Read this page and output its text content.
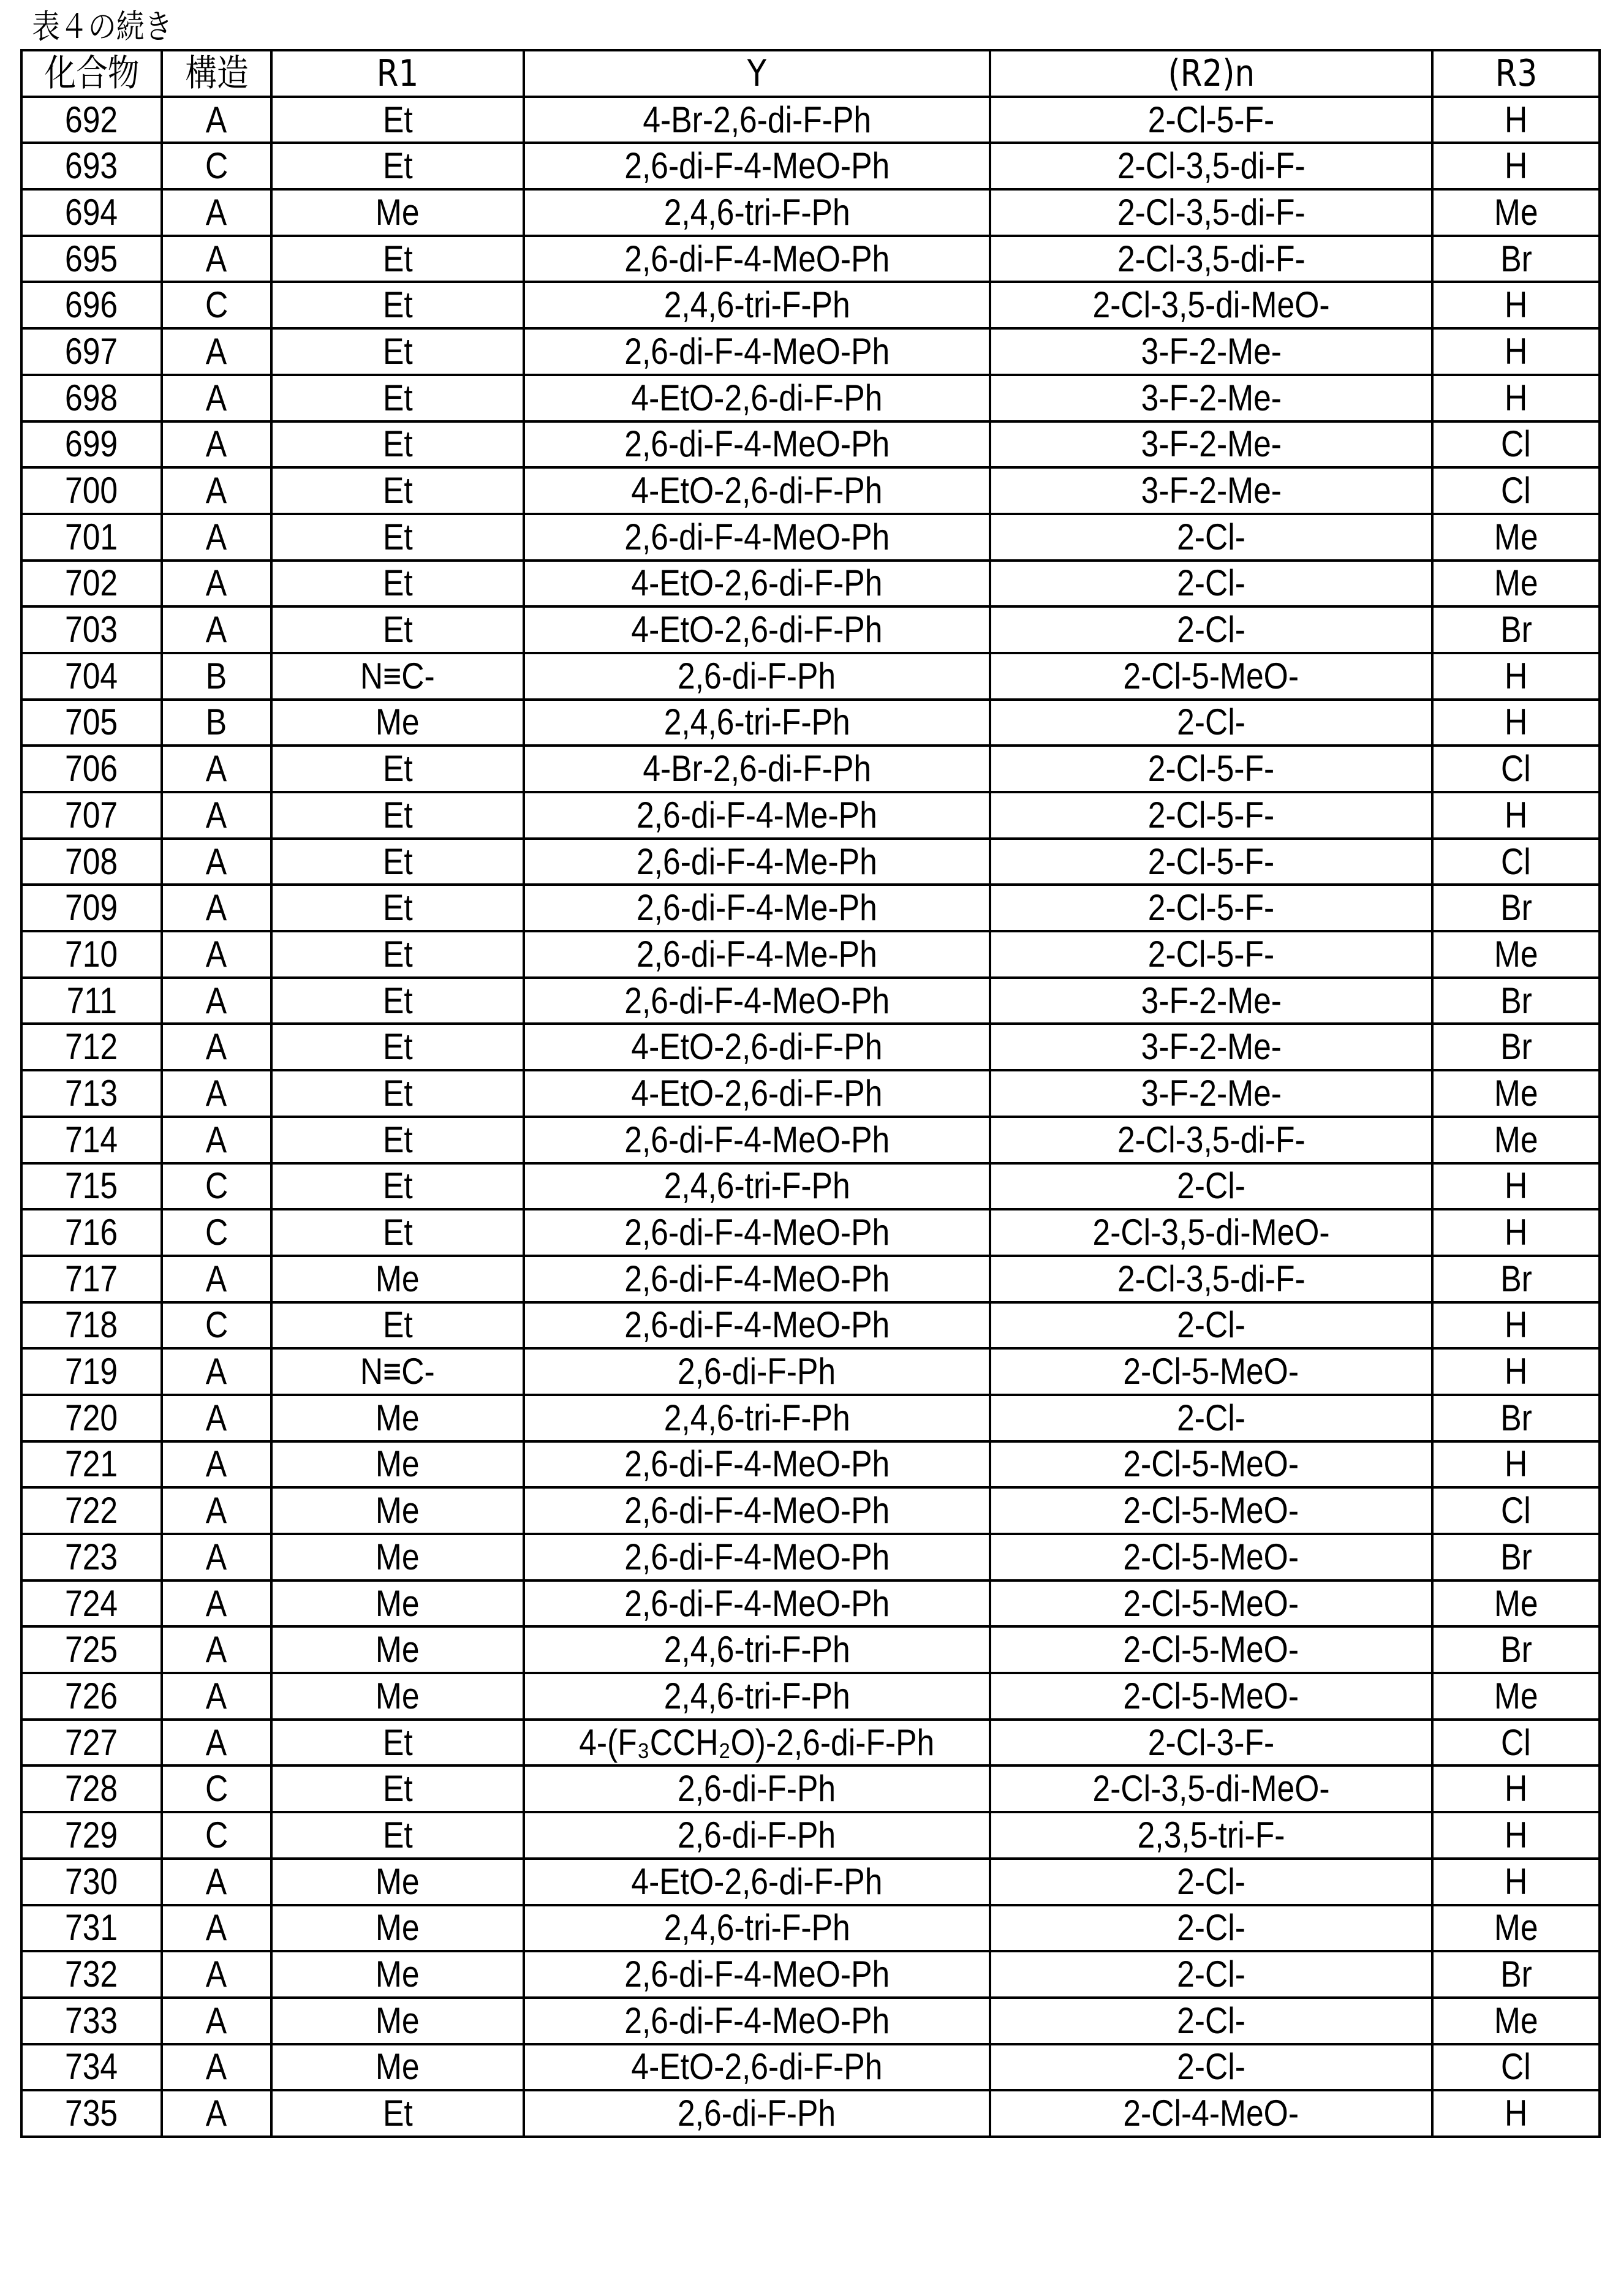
表４の続き
化合物	構造	R1	Y	(R2)n	R3
692	A	Et	4-Br-2,6-di-F-Ph	2-Cl-5-F-	H
693	C	Et	2,6-di-F-4-MeO-Ph	2-Cl-3,5-di-F-	H
694	A	Me	2,4,6-tri-F-Ph	2-Cl-3,5-di-F-	Me
695	A	Et	2,6-di-F-4-MeO-Ph	2-Cl-3,5-di-F-	Br
696	C	Et	2,4,6-tri-F-Ph	2-Cl-3,5-di-MeO-	H
697	A	Et	2,6-di-F-4-MeO-Ph	3-F-2-Me-	H
698	A	Et	4-EtO-2,6-di-F-Ph	3-F-2-Me-	H
699	A	Et	2,6-di-F-4-MeO-Ph	3-F-2-Me-	Cl
700	A	Et	4-EtO-2,6-di-F-Ph	3-F-2-Me-	Cl
701	A	Et	2,6-di-F-4-MeO-Ph	2-Cl-	Me
702	A	Et	4-EtO-2,6-di-F-Ph	2-Cl-	Me
703	A	Et	4-EtO-2,6-di-F-Ph	2-Cl-	Br
704	B	N≡C-	2,6-di-F-Ph	2-Cl-5-MeO-	H
705	B	Me	2,4,6-tri-F-Ph	2-Cl-	H
706	A	Et	4-Br-2,6-di-F-Ph	2-Cl-5-F-	Cl
707	A	Et	2,6-di-F-4-Me-Ph	2-Cl-5-F-	H
708	A	Et	2,6-di-F-4-Me-Ph	2-Cl-5-F-	Cl
709	A	Et	2,6-di-F-4-Me-Ph	2-Cl-5-F-	Br
710	A	Et	2,6-di-F-4-Me-Ph	2-Cl-5-F-	Me
711	A	Et	2,6-di-F-4-MeO-Ph	3-F-2-Me-	Br
712	A	Et	4-EtO-2,6-di-F-Ph	3-F-2-Me-	Br
713	A	Et	4-EtO-2,6-di-F-Ph	3-F-2-Me-	Me
714	A	Et	2,6-di-F-4-MeO-Ph	2-Cl-3,5-di-F-	Me
715	C	Et	2,4,6-tri-F-Ph	2-Cl-	H
716	C	Et	2,6-di-F-4-MeO-Ph	2-Cl-3,5-di-MeO-	H
717	A	Me	2,6-di-F-4-MeO-Ph	2-Cl-3,5-di-F-	Br
718	C	Et	2,6-di-F-4-MeO-Ph	2-Cl-	H
719	A	N≡C-	2,6-di-F-Ph	2-Cl-5-MeO-	H
720	A	Me	2,4,6-tri-F-Ph	2-Cl-	Br
721	A	Me	2,6-di-F-4-MeO-Ph	2-Cl-5-MeO-	H
722	A	Me	2,6-di-F-4-MeO-Ph	2-Cl-5-MeO-	Cl
723	A	Me	2,6-di-F-4-MeO-Ph	2-Cl-5-MeO-	Br
724	A	Me	2,6-di-F-4-MeO-Ph	2-Cl-5-MeO-	Me
725	A	Me	2,4,6-tri-F-Ph	2-Cl-5-MeO-	Br
726	A	Me	2,4,6-tri-F-Ph	2-Cl-5-MeO-	Me
727	A	Et	4-(F₃CCH₂O)-2,6-di-F-Ph	2-Cl-3-F-	Cl
728	C	Et	2,6-di-F-Ph	2-Cl-3,5-di-MeO-	H
729	C	Et	2,6-di-F-Ph	2,3,5-tri-F-	H
730	A	Me	4-EtO-2,6-di-F-Ph	2-Cl-	H
731	A	Me	2,4,6-tri-F-Ph	2-Cl-	Me
732	A	Me	2,6-di-F-4-MeO-Ph	2-Cl-	Br
733	A	Me	2,6-di-F-4-MeO-Ph	2-Cl-	Me
734	A	Me	4-EtO-2,6-di-F-Ph	2-Cl-	Cl
735	A	Et	2,6-di-F-Ph	2-Cl-4-MeO-	H
